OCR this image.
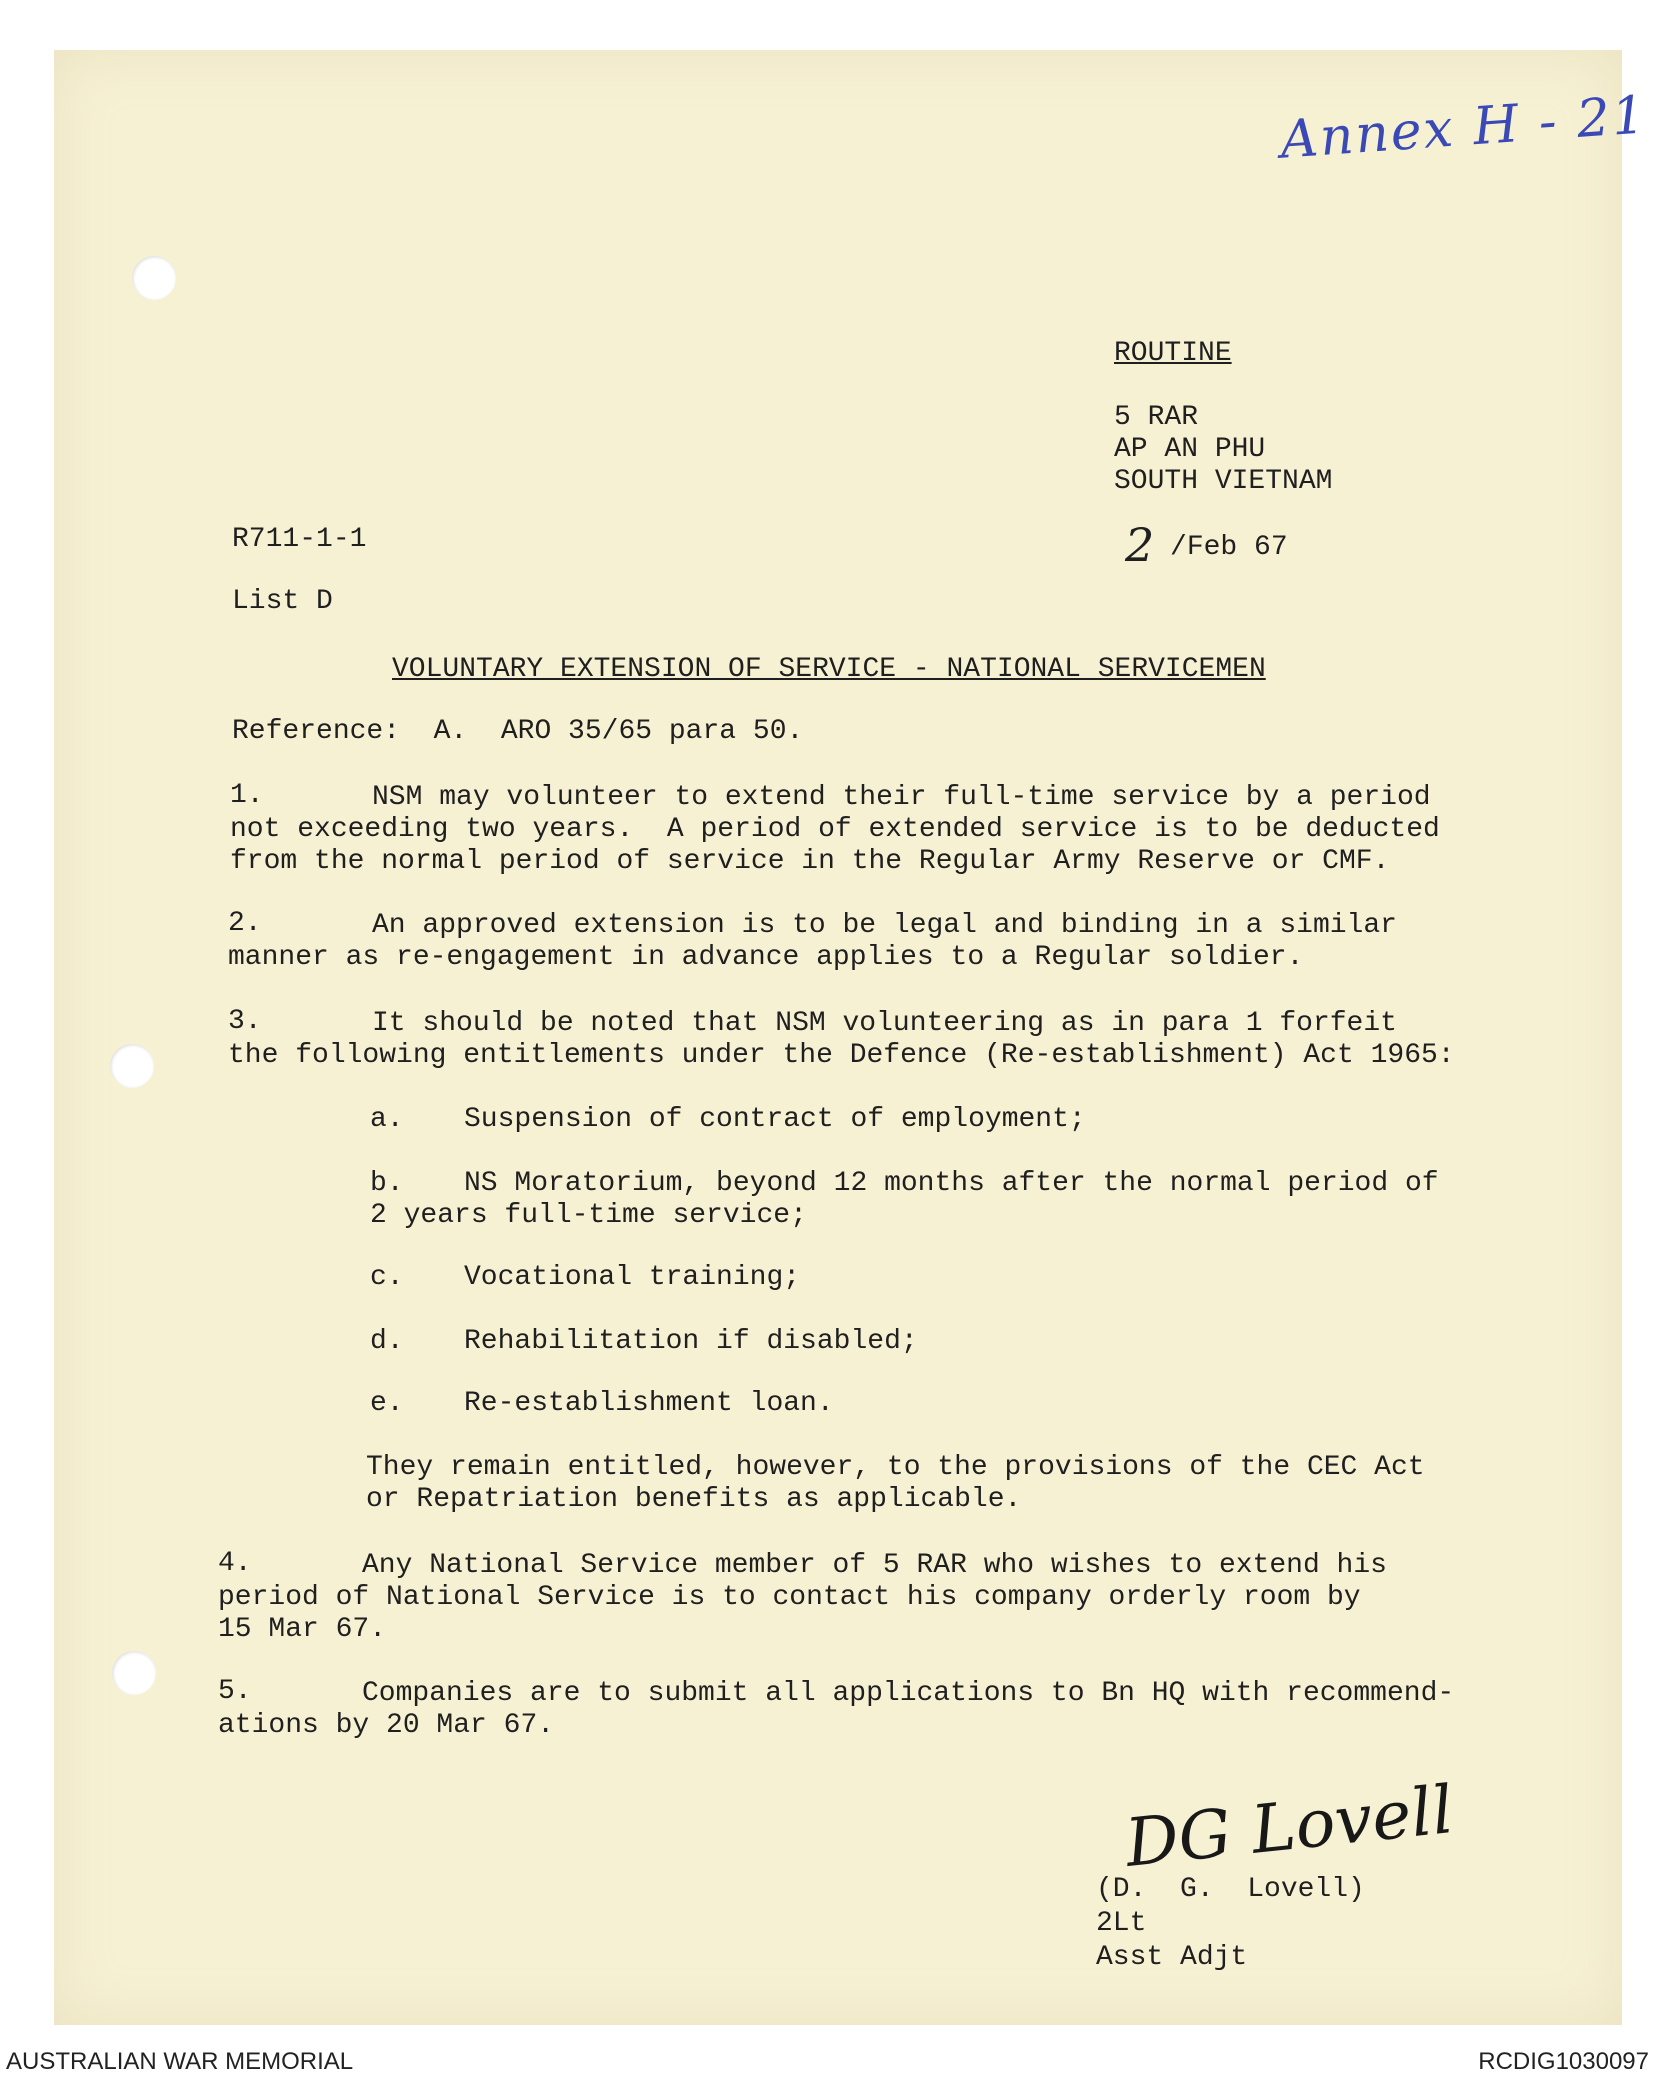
Annex H - 21
ROUTINE
5 RAR
AP AN PHU
SOUTH VIETNAM
2 /Feb 67
R711-1-1
List D
VOLUNTARY EXTENSION OF SERVICE - NATIONAL SERVICEMEN
Reference:  A.  ARO 35/65 para 50.
1.	NSM may volunteer to extend their full-time service by a period
not exceeding two years.  A period of extended service is to be deducted
from the normal period of service in the Regular Army Reserve or CMF.
2.	An approved extension is to be legal and binding in a similar
manner as re-engagement in advance applies to a Regular soldier.
3.	It should be noted that NSM volunteering as in para 1 forfeit
the following entitlements under the Defence (Re-establishment) Act 1965:
a. Suspension of contract of employment;
b. NS Moratorium, beyond 12 months after the normal period of
2 years full-time service;
c. Vocational training;
d. Rehabilitation if disabled;
e. Re-establishment loan.
They remain entitled, however, to the provisions of the CEC Act
or Repatriation benefits as applicable.
4.	Any National Service member of 5 RAR who wishes to extend his
period of National Service is to contact his company orderly room by
15 Mar 67.
5.	Companies are to submit all applications to Bn HQ with recommend-
ations by 20 Mar 67.
DG Lovell
(D.  G.  Lovell)
2Lt
Asst Adjt
AUSTRALIAN WAR MEMORIAL	RCDIG1030097
